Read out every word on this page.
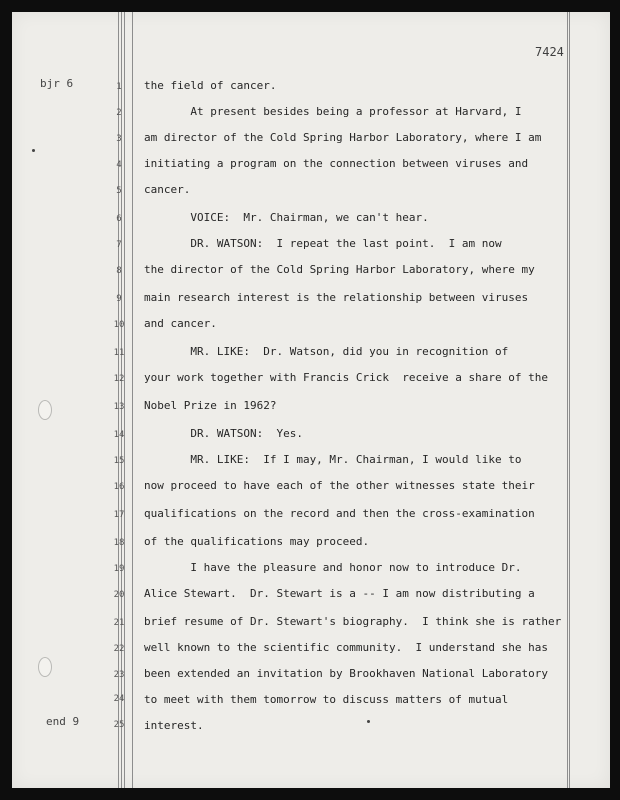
7424
bjr 6
end 9
1
2
3
4
5
6
7
8
9
10
11
12
13
14
15
16
17
18
19
20
21
22
23
24
25
the field of cancer.
At present besides being a professor at Harvard, I
am director of the Cold Spring Harbor Laboratory, where I am
initiating a program on the connection between viruses and
cancer.
VOICE:  Mr. Chairman, we can't hear.
DR. WATSON:  I repeat the last point.  I am now
the director of the Cold Spring Harbor Laboratory, where my
main research interest is the relationship between viruses
and cancer.
MR. LIKE:  Dr. Watson, did you in recognition of
your work together with Francis Crick  receive a share of the
Nobel Prize in 1962?
DR. WATSON:  Yes.
MR. LIKE:  If I may, Mr. Chairman, I would like to
now proceed to have each of the other witnesses state their
qualifications on the record and then the cross-examination
of the qualifications may proceed.
I have the pleasure and honor now to introduce Dr.
Alice Stewart.  Dr. Stewart is a -- I am now distributing a
brief resume of Dr. Stewart's biography.  I think she is rather
well known to the scientific community.  I understand she has
been extended an invitation by Brookhaven National Laboratory
to meet with them tomorrow to discuss matters of mutual
interest.
